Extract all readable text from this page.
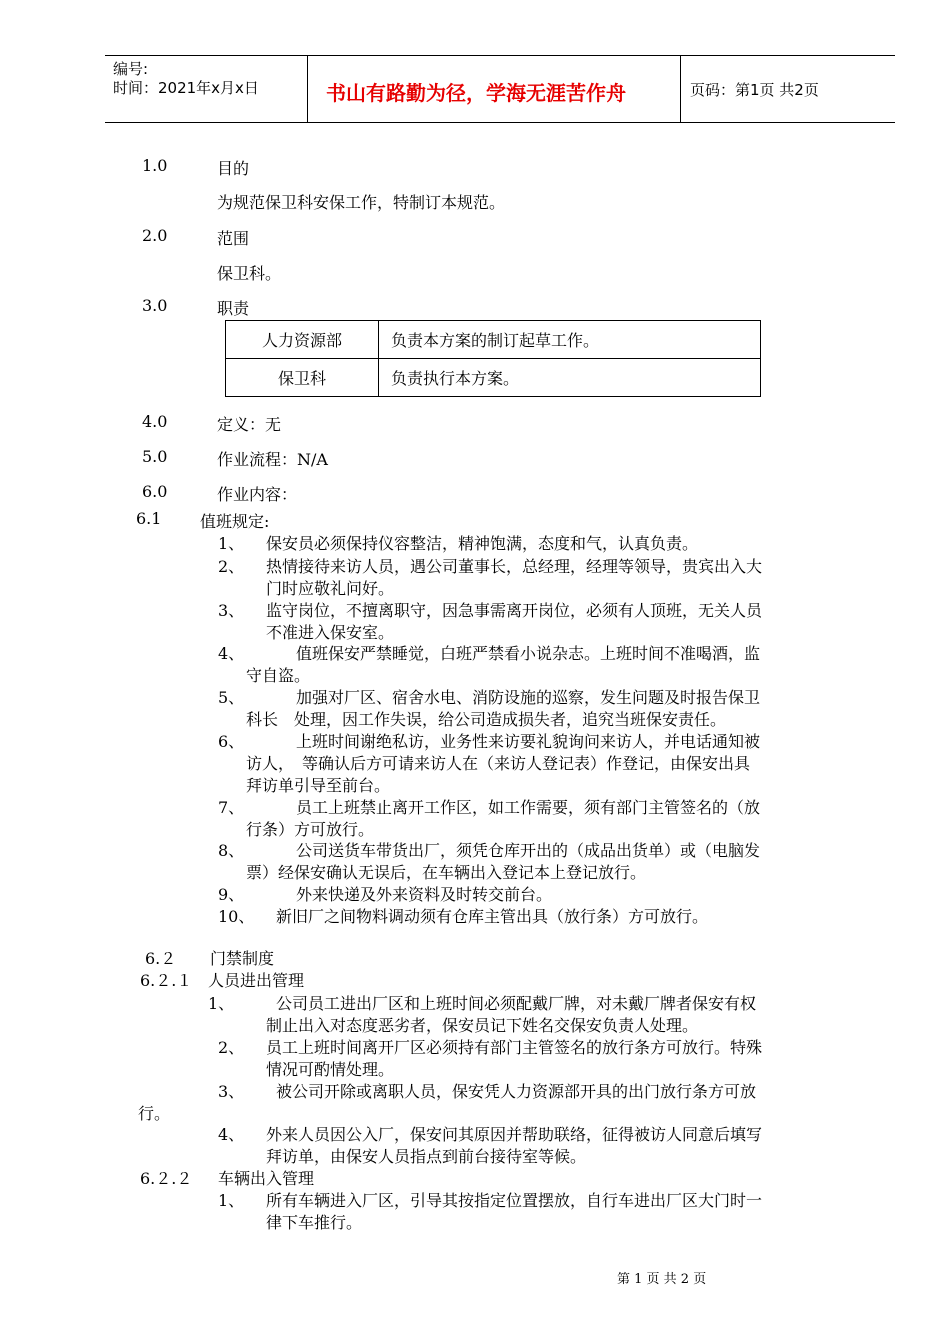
编号:
时间：2021年x月x日	书山有路勤为径，学海无涯苦作舟	页码：第1页 共2页
1.0	目的
为规范保卫科安保工作，特制订本规范。
2.0	范围
保卫科。
3.0	职责
人力资源部	负责本方案的制订起草工作。
保卫科	负责执行本方案。
4.0	定义：无
5.0	作业流程：N/A
6.0	作业内容：
6.1 值班规定:
1、 保安员必须保持仪容整洁，精神饱满，态度和气，认真负责。
2、 热情接待来访人员，遇公司董事长，总经理，经理等领导，贵宾出入大
门时应敬礼问好。
3、 监守岗位，不擅离职守，因急事需离开岗位，必须有人顶班，无关人员
不准进入保安室。
4、	值班保安严禁睡觉，白班严禁看小说杂志。上班时间不准喝酒，监
守自盗。
5、	加强对厂区、宿舍水电、消防设施的巡察，发生问题及时报告保卫
科长　处理，因工作失误，给公司造成损失者，追究当班保安责任。
6、	上班时间谢绝私访，业务性来访要礼貌询问来访人，并电话通知被
访人，　等确认后方可请来访人在（来访人登记表）作登记，由保安出具
拜访单引导至前台。
7、	员工上班禁止离开工作区，如工作需要，须有部门主管签名的（放
行条）方可放行。
8、	公司送货车带货出厂，须凭仓库开出的（成品出货单）或（电脑发
票）经保安确认无误后，在车辆出入登记本上登记放行。
9、	外来快递及外来资料及时转交前台。
10、 新旧厂之间物料调动须有仓库主管出具（放行条）方可放行。
6.２ 门禁制度
6.２.１ 人员进出管理
1、	公司员工进出厂区和上班时间必须配戴厂牌，对未戴厂牌者保安有权
制止出入对态度恶劣者，保安员记下姓名交保安负责人处理。
2、 员工上班时间离开厂区必须持有部门主管签名的放行条方可放行。特殊
情况可酌情处理。
3、 被公司开除或离职人员，保安凭人力资源部开具的出门放行条方可放
行。
4、 外来人员因公入厂，保安问其原因并帮助联络，征得被访人同意后填写
拜访单，由保安人员指点到前台接待室等候。
6.２.２ 车辆出入管理
1、 所有车辆进入厂区，引导其按指定位置摆放，自行车进出厂区大门时一
律下车推行。
第 1 页 共 2 页
